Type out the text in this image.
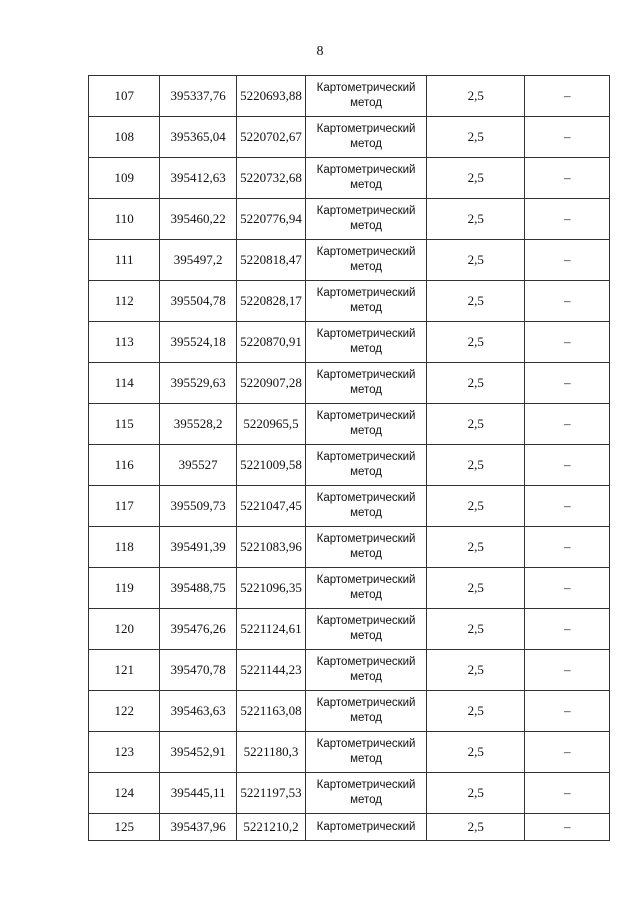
8
107	395337,76	5220693,88	Картометрический метод	2,5	–
108	395365,04	5220702,67	Картометрический метод	2,5	–
109	395412,63	5220732,68	Картометрический метод	2,5	–
110	395460,22	5220776,94	Картометрический метод	2,5	–
111	395497,2	5220818,47	Картометрический метод	2,5	–
112	395504,78	5220828,17	Картометрический метод	2,5	–
113	395524,18	5220870,91	Картометрический метод	2,5	–
114	395529,63	5220907,28	Картометрический метод	2,5	–
115	395528,2	5220965,5	Картометрический метод	2,5	–
116	395527	5221009,58	Картометрический метод	2,5	–
117	395509,73	5221047,45	Картометрический метод	2,5	–
118	395491,39	5221083,96	Картометрический метод	2,5	–
119	395488,75	5221096,35	Картометрический метод	2,5	–
120	395476,26	5221124,61	Картометрический метод	2,5	–
121	395470,78	5221144,23	Картометрический метод	2,5	–
122	395463,63	5221163,08	Картометрический метод	2,5	–
123	395452,91	5221180,3	Картометрический метод	2,5	–
124	395445,11	5221197,53	Картометрический метод	2,5	–
125	395437,96	5221210,2	Картометрический	2,5	–
